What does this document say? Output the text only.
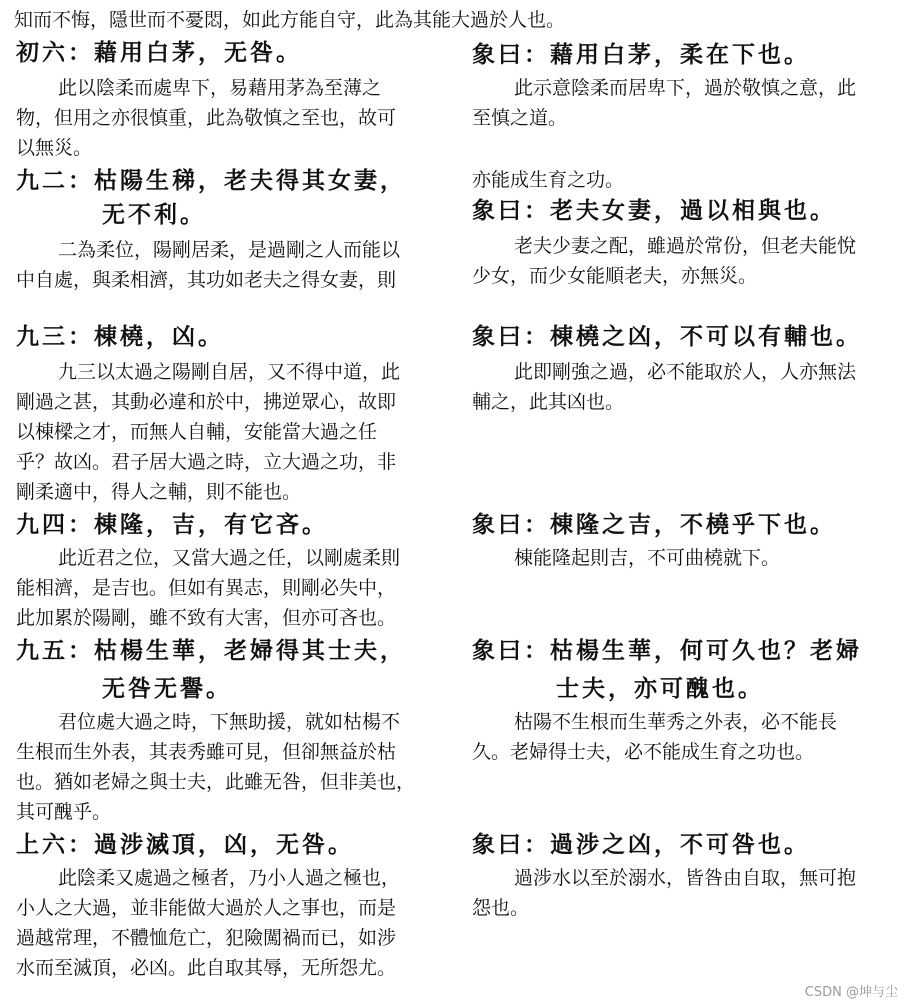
知而不悔，隱世而不憂悶，如此方能自守，此為其能大過於人也。
初六：藉用白茅，无咎。
此以陰柔而處卑下，易藉用茅為至薄之
物，但用之亦很慎重，此為敬慎之至也，故可
以無災。
九二：枯陽生稊，老夫得其女妻，
无不利。
二為柔位，陽剛居柔，是過剛之人而能以
中自處，與柔相濟，其功如老夫之得女妻，則
九三：棟橈，凶。
九三以太過之陽剛自居，又不得中道，此
剛過之甚，其動必違和於中，拂逆眾心，故即
以棟樑之才，而無人自輔，安能當大過之任
乎？故凶。君子居大過之時，立大過之功，非
剛柔適中，得人之輔，則不能也。
九四：棟隆，吉，有它吝。
此近君之位，又當大過之任，以剛處柔則
能相濟，是吉也。但如有異志，則剛必失中，
此加累於陽剛，雖不致有大害，但亦可吝也。
九五：枯楊生華，老婦得其士夫，
无咎无譽。
君位處大過之時，下無助援，就如枯楊不
生根而生外表，其表秀雖可見，但卻無益於枯
也。猶如老婦之與士夫，此雖无咎，但非美也，
其可醜乎。
上六：過涉滅頂，凶，无咎。
此陰柔又處過之極者，乃小人過之極也，
小人之大過，並非能做大過於人之事也，而是
過越常理，不體恤危亡，犯險闖禍而已，如涉
水而至滅頂，必凶。此自取其辱，无所怨尤。
象曰：藉用白茅，柔在下也。
此示意陰柔而居卑下，過於敬慎之意，此
至慎之道。
亦能成生育之功。
象曰：老夫女妻，過以相與也。
老夫少妻之配，雖過於常份，但老夫能悅
少女，而少女能順老夫，亦無災。
象曰：棟橈之凶，不可以有輔也。
此即剛強之過，必不能取於人，人亦無法
輔之，此其凶也。
象曰：棟隆之吉，不橈乎下也。
棟能隆起則吉，不可曲橈就下。
象曰：枯楊生華，何可久也？老婦
士夫，亦可醜也。
枯陽不生根而生華秀之外表，必不能長
久。老婦得士夫，必不能成生育之功也。
象曰：過涉之凶，不可咎也。
過涉水以至於溺水，皆咎由自取，無可抱
怨也。
CSDN @坤与尘
